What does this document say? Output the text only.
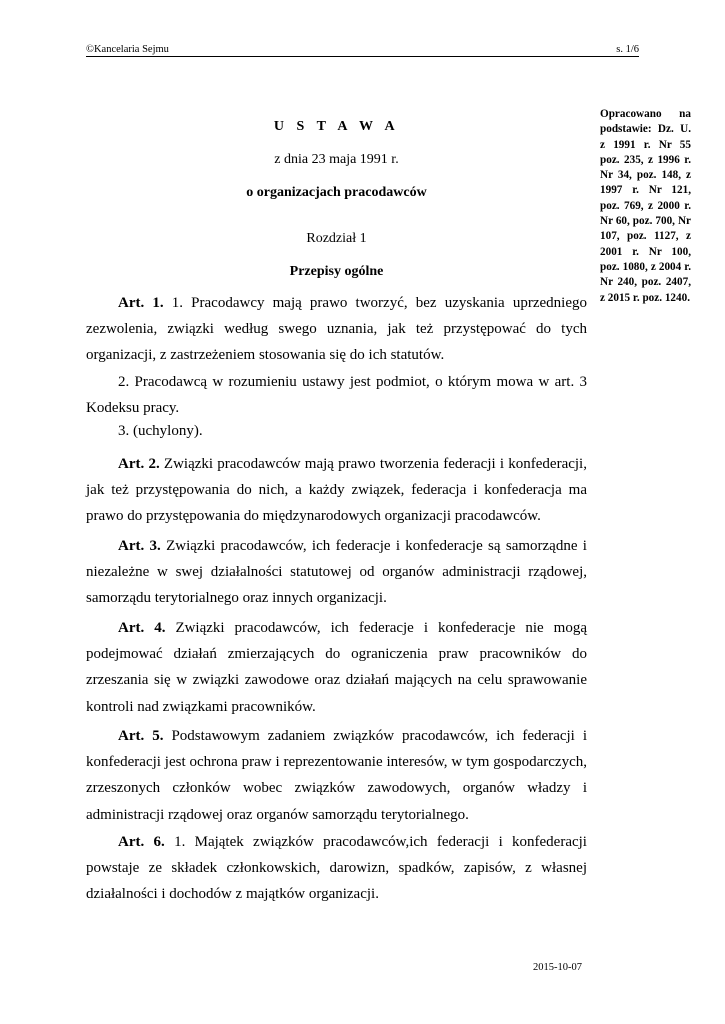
©Kancelaria Sejmu	s. 1/6
Opracowano na podstawie: Dz. U. z 1991 r. Nr 55 poz. 235, z 1996 r. Nr 34, poz. 148, z 1997 r. Nr 121, poz. 769, z 2000 r. Nr 60, poz. 700, Nr 107, poz. 1127, z 2001 r. Nr 100, poz. 1080, z 2004 r. Nr 240, poz. 2407, z 2015 r. poz. 1240.
U S T A W A
z dnia 23 maja 1991 r.
o organizacjach pracodawców
Rozdział 1
Przepisy ogólne
Art. 1. 1. Pracodawcy mają prawo tworzyć, bez uzyskania uprzedniego zezwolenia, związki według swego uznania, jak też przystępować do tych organizacji, z zastrzeżeniem stosowania się do ich statutów.
2. Pracodawcą w rozumieniu ustawy jest podmiot, o którym mowa w art. 3 Kodeksu pracy.
3. (uchylony).
Art. 2. Związki pracodawców mają prawo tworzenia federacji i konfederacji, jak też przystępowania do nich, a każdy związek, federacja i konfederacja ma prawo do przystępowania do międzynarodowych organizacji pracodawców.
Art. 3. Związki pracodawców, ich federacje i konfederacje są samorządne i niezależne w swej działalności statutowej od organów administracji rządowej, samorządu terytorialnego oraz innych organizacji.
Art. 4. Związki pracodawców, ich federacje i konfederacje nie mogą podejmować działań zmierzających do ograniczenia praw pracowników do zrzeszania się w związki zawodowe oraz działań mających na celu sprawowanie kontroli nad związkami pracowników.
Art. 5. Podstawowym zadaniem związków pracodawców, ich federacji i konfederacji jest ochrona praw i reprezentowanie interesów, w tym gospodarczych, zrzeszonych członków wobec związków zawodowych, organów władzy i administracji rządowej oraz organów samorządu terytorialnego.
Art. 6. 1. Majątek związków pracodawców,ich federacji i konfederacji powstaje ze składek członkowskich, darowizn, spadków, zapisów, z własnej działalności i dochodów z majątków organizacji.
2015-10-07
